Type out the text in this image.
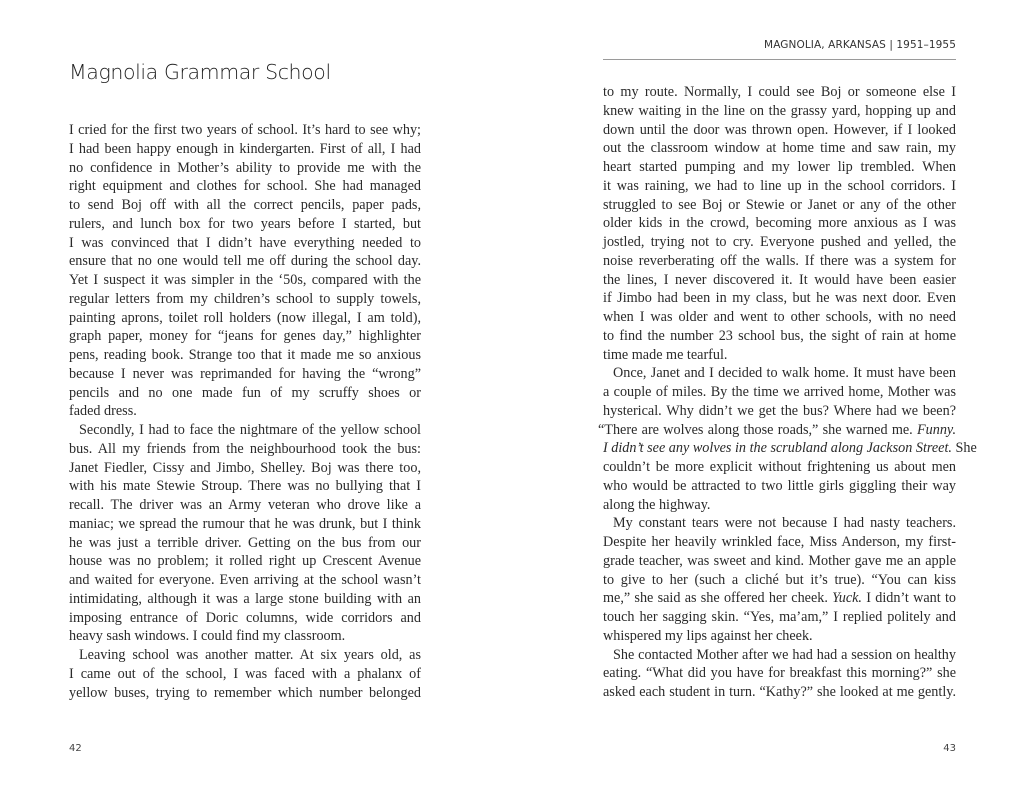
Magnolia Grammar School
I cried for the first two years of school. It’s hard to see why;
I had been happy enough in kindergarten. First of all, I had
no confidence in Mother’s ability to provide me with the
right equipment and clothes for school. She had managed
to send Boj off with all the correct pencils, paper pads,
rulers, and lunch box for two years before I started, but
I was convinced that I didn’t have everything needed to
ensure that no one would tell me off during the school day.
Yet I suspect it was simpler in the ‘50s, compared with the
regular letters from my children’s school to supply towels,
painting aprons, toilet roll holders (now illegal, I am told),
graph paper, money for “jeans for genes day,” highlighter
pens, reading book. Strange too that it made me so anxious
because I never was reprimanded for having the “wrong”
pencils and no one made fun of my scruffy shoes or
faded dress.
Secondly, I had to face the nightmare of the yellow school
bus. All my friends from the neighbourhood took the bus:
Janet Fiedler, Cissy and Jimbo, Shelley. Boj was there too,
with his mate Stewie Stroup. There was no bullying that I
recall. The driver was an Army veteran who drove like a
maniac; we spread the rumour that he was drunk, but I think
he was just a terrible driver. Getting on the bus from our
house was no problem; it rolled right up Crescent Avenue
and waited for everyone. Even arriving at the school wasn’t
intimidating, although it was a large stone building with an
imposing entrance of Doric columns, wide corridors and
heavy sash windows. I could find my classroom.
Leaving school was another matter. At six years old, as
I came out of the school, I was faced with a phalanx of
yellow buses, trying to remember which number belonged
42
MAGNOLIA, ARKANSAS | 1951–1955
to my route. Normally, I could see Boj or someone else I
knew waiting in the line on the grassy yard, hopping up and
down until the door was thrown open. However, if I looked
out the classroom window at home time and saw rain, my
heart started pumping and my lower lip trembled. When
it was raining, we had to line up in the school corridors. I
struggled to see Boj or Stewie or Janet or any of the other
older kids in the crowd, becoming more anxious as I was
jostled, trying not to cry. Everyone pushed and yelled, the
noise reverberating off the walls. If there was a system for
the lines, I never discovered it. It would have been easier
if Jimbo had been in my class, but he was next door. Even
when I was older and went to other schools, with no need
to find the number 23 school bus, the sight of rain at home
time made me tearful.
Once, Janet and I decided to walk home. It must have been
a couple of miles. By the time we arrived home, Mother was
hysterical. Why didn’t we get the bus? Where had we been?
“There are wolves along those roads,” she warned me. Funny.
I didn’t see any wolves in the scrubland along Jackson Street. She
couldn’t be more explicit without frightening us about men
who would be attracted to two little girls giggling their way
along the highway.
My constant tears were not because I had nasty teachers.
Despite her heavily wrinkled face, Miss Anderson, my first-
grade teacher, was sweet and kind. Mother gave me an apple
to give to her (such a cliché but it’s true). “You can kiss
me,” she said as she offered her cheek. Yuck. I didn’t want to
touch her sagging skin. “Yes, ma’am,” I replied politely and
whispered my lips against her cheek.
She contacted Mother after we had had a session on healthy
eating. “What did you have for breakfast this morning?” she
asked each student in turn. “Kathy?” she looked at me gently.
43
